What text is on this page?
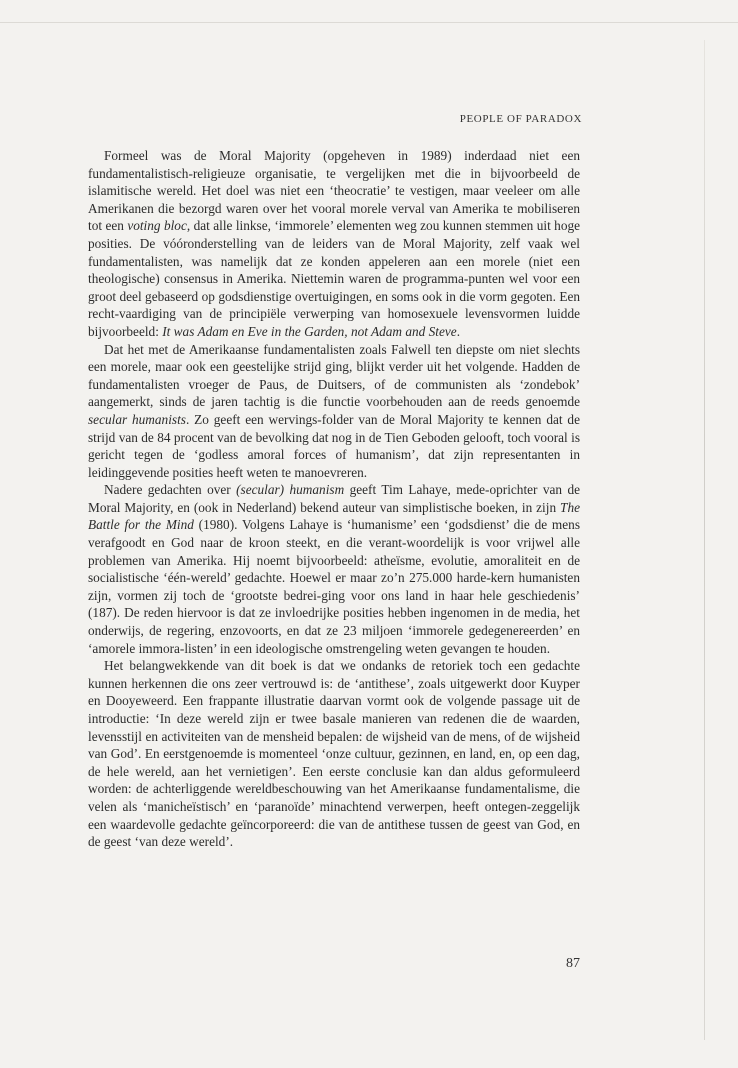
PEOPLE OF PARADOX

Formeel was de Moral Majority (opgeheven in 1989) inderdaad niet een fundamentalistisch-religieuze organisatie, te vergelijken met die in bijvoorbeeld de islamitische wereld. Het doel was niet een ‘theocratie’ te vestigen, maar veeleer om alle Amerikanen die bezorgd waren over het vooral morele verval van Amerika te mobiliseren tot een voting bloc, dat alle linkse, ‘immorele’ elementen weg zou kunnen stemmen uit hoge posities. De vóóronderstelling van de leiders van de Moral Majority, zelf vaak wel fundamentalisten, was namelijk dat ze konden appeleren aan een morele (niet een theologische) consensus in Amerika. Niettemin waren de programma-punten wel voor een groot deel gebaseerd op godsdienstige overtuigingen, en soms ook in die vorm gegoten. Een recht-vaardiging van de principiële verwerping van homosexuele levensvormen luidde bijvoorbeeld: It was Adam en Eve in the Garden, not Adam and Steve.

Dat het met de Amerikaanse fundamentalisten zoals Falwell ten diepste om niet slechts een morele, maar ook een geestelijke strijd ging, blijkt verder uit het volgende. Hadden de fundamentalisten vroeger de Paus, de Duitsers, of de communisten als ‘zondebok’ aangemerkt, sinds de jaren tachtig is die functie voorbehouden aan de reeds genoemde secular humanists. Zo geeft een wervings-folder van de Moral Majority te kennen dat de strijd van de 84 procent van de bevolking dat nog in de Tien Geboden gelooft, toch vooral is gericht tegen de ‘godless amoral forces of humanism’, dat zijn representanten in leidinggevende posities heeft weten te manoevreren.

Nadere gedachten over (secular) humanism geeft Tim Lahaye, mede-oprichter van de Moral Majority, en (ook in Nederland) bekend auteur van simplistische boeken, in zijn The Battle for the Mind (1980). Volgens Lahaye is ‘humanisme’ een ‘godsdienst’ die de mens verafgoodt en God naar de kroon steekt, en die verant-woordelijk is voor vrijwel alle problemen van Amerika. Hij noemt bijvoorbeeld: atheïsme, evolutie, amoraliteit en de socialistische ‘één-wereld’ gedachte. Hoewel er maar zo’n 275.000 harde-kern humanisten zijn, vormen zij toch de ‘grootste bedrei-ging voor ons land in haar hele geschiedenis’ (187). De reden hiervoor is dat ze invloedrijke posities hebben ingenomen in de media, het onderwijs, de regering, enzovoorts, en dat ze 23 miljoen ‘immorele gedegenereerden’ en ‘amorele immora-listen’ in een ideologische omstrengeling weten gevangen te houden.

Het belangwekkende van dit boek is dat we ondanks de retoriek toch een gedachte kunnen herkennen die ons zeer vertrouwd is: de ‘antithese’, zoals uitgewerkt door Kuyper en Dooyeweerd. Een frappante illustratie daarvan vormt ook de volgende passage uit de introductie: ‘In deze wereld zijn er twee basale manieren van redenen die de waarden, levensstijl en activiteiten van de mensheid bepalen: de wijsheid van de mens, of de wijsheid van God’. En eerstgenoemde is momenteel ‘onze cultuur, gezinnen, en land, en, op een dag, de hele wereld, aan het vernietigen’. Een eerste conclusie kan dan aldus geformuleerd worden: de achterliggende wereldbeschouwing van het Amerikaanse fundamentalisme, die velen als ‘manicheïstisch’ en ‘paranoïde’ minachtend verwerpen, heeft ontegen-zeggelijk een waardevolle gedachte geïncorporeerd: die van de antithese tussen de geest van God, en de geest ‘van deze wereld’.

87
